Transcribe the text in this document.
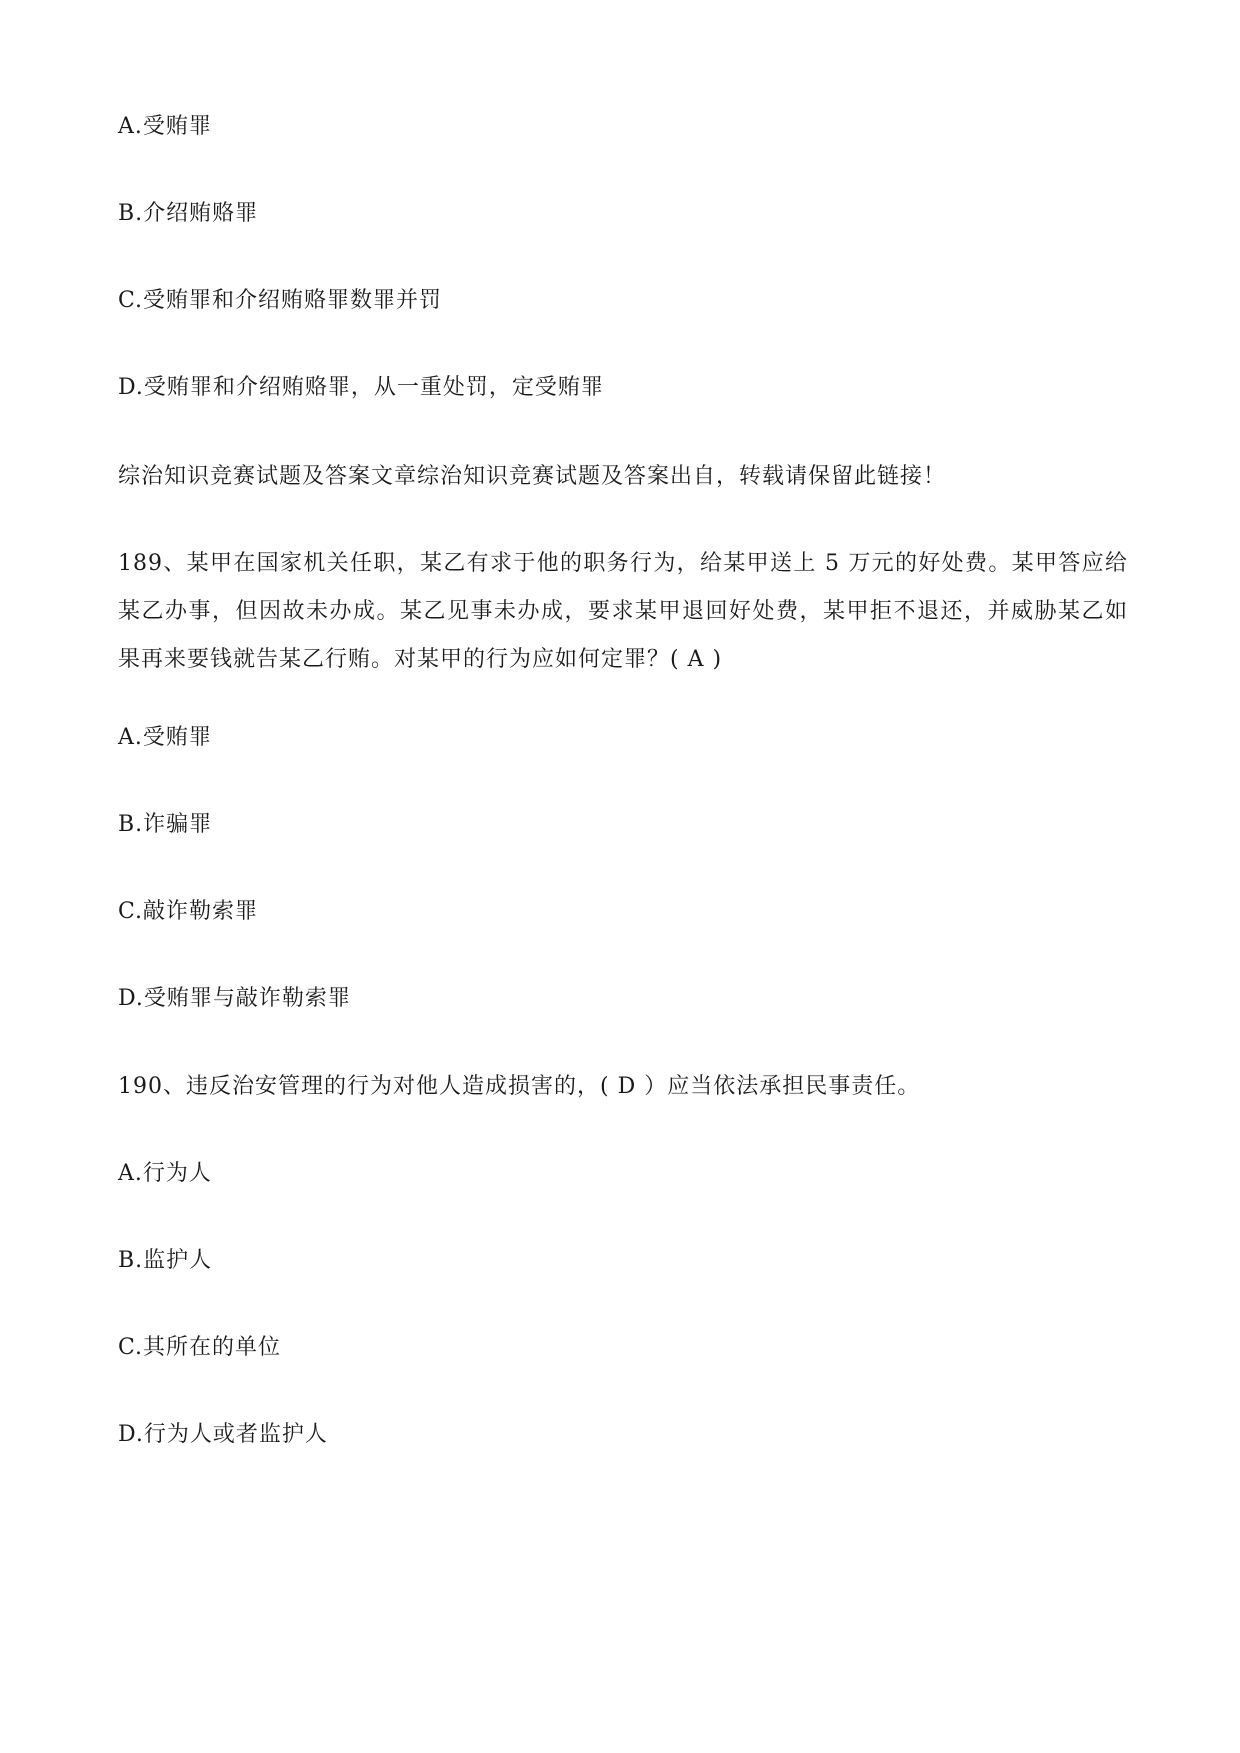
A.受贿罪
B.介绍贿赂罪
C.受贿罪和介绍贿赂罪数罪并罚
D.受贿罪和介绍贿赂罪，从一重处罚，定受贿罪
综治知识竞赛试题及答案文章综治知识竞赛试题及答案出自，转载请保留此链接！
189、某甲在国家机关任职，某乙有求于他的职务行为，给某甲送上 5 万元的好处费。某甲答应给某乙办事，但因故未办成。某乙见事未办成，要求某甲退回好处费，某甲拒不退还，并威胁某乙如果再来要钱就告某乙行贿。对某甲的行为应如何定罪？( A )
A.受贿罪
B.诈骗罪
C.敲诈勒索罪
D.受贿罪与敲诈勒索罪
190、违反治安管理的行为对他人造成损害的，( D ）应当依法承担民事责任。
A.行为人
B.监护人
C.其所在的单位
D.行为人或者监护人
